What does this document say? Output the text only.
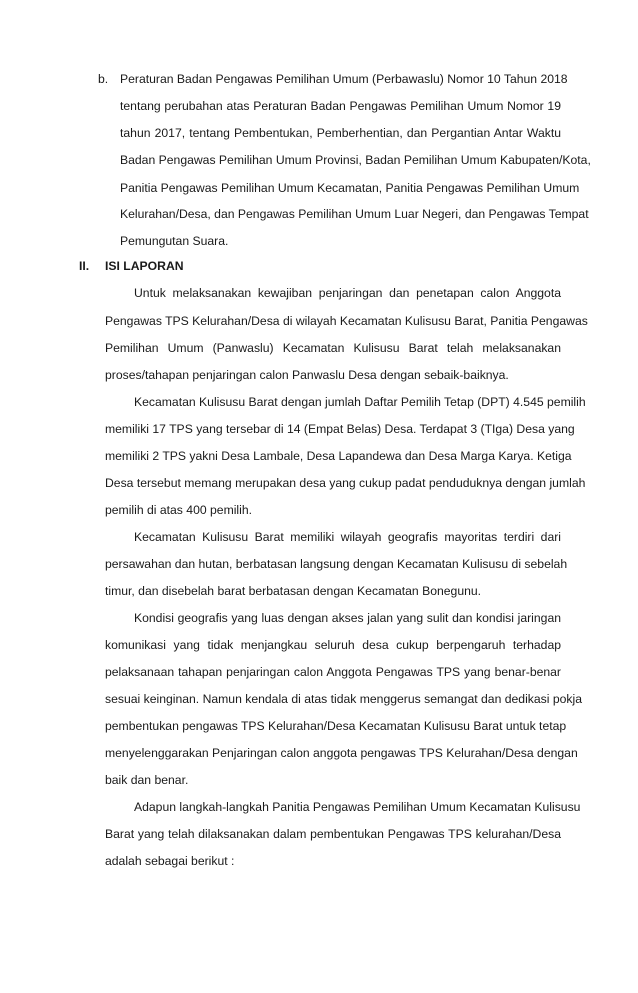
b. Peraturan Badan Pengawas Pemilihan Umum (Perbawaslu) Nomor 10 Tahun 2018
tentang perubahan atas Peraturan Badan Pengawas Pemilihan Umum Nomor 19
tahun 2017, tentang Pembentukan, Pemberhentian, dan Pergantian Antar Waktu
Badan Pengawas Pemilihan Umum Provinsi, Badan Pemilihan Umum Kabupaten/Kota,
Panitia Pengawas Pemilihan Umum Kecamatan, Panitia Pengawas Pemilihan Umum
Kelurahan/Desa, dan Pengawas Pemilihan Umum Luar Negeri, dan Pengawas Tempat
Pemungutan Suara.
II. ISI LAPORAN
Untuk melaksanakan kewajiban penjaringan dan penetapan calon Anggota
Pengawas TPS Kelurahan/Desa di wilayah Kecamatan Kulisusu Barat, Panitia Pengawas
Pemilihan Umum (Panwaslu) Kecamatan Kulisusu Barat telah melaksanakan
proses/tahapan penjaringan calon Panwaslu Desa dengan sebaik-baiknya.
Kecamatan Kulisusu Barat dengan jumlah Daftar Pemilih Tetap (DPT) 4.545 pemilih
memiliki 17 TPS yang tersebar di 14 (Empat Belas) Desa. Terdapat 3 (TIga) Desa yang
memiliki 2 TPS yakni Desa Lambale, Desa Lapandewa dan Desa Marga Karya. Ketiga
Desa tersebut memang merupakan desa yang cukup padat penduduknya dengan jumlah
pemilih di atas 400 pemilih.
Kecamatan Kulisusu Barat memiliki wilayah geografis mayoritas terdiri dari
persawahan dan hutan, berbatasan langsung dengan Kecamatan Kulisusu di sebelah
timur, dan disebelah barat berbatasan dengan Kecamatan Bonegunu.
Kondisi geografis yang luas dengan akses jalan yang sulit dan kondisi jaringan
komunikasi yang tidak menjangkau seluruh desa cukup berpengaruh terhadap
pelaksanaan tahapan penjaringan calon Anggota Pengawas TPS yang benar-benar
sesuai keinginan. Namun kendala di atas tidak menggerus semangat dan dedikasi pokja
pembentukan pengawas TPS Kelurahan/Desa Kecamatan Kulisusu Barat untuk tetap
menyelenggarakan Penjaringan calon anggota pengawas TPS Kelurahan/Desa dengan
baik dan benar.
Adapun langkah-langkah Panitia Pengawas Pemilihan Umum Kecamatan Kulisusu
Barat yang telah dilaksanakan dalam pembentukan Pengawas TPS kelurahan/Desa
adalah sebagai berikut :
